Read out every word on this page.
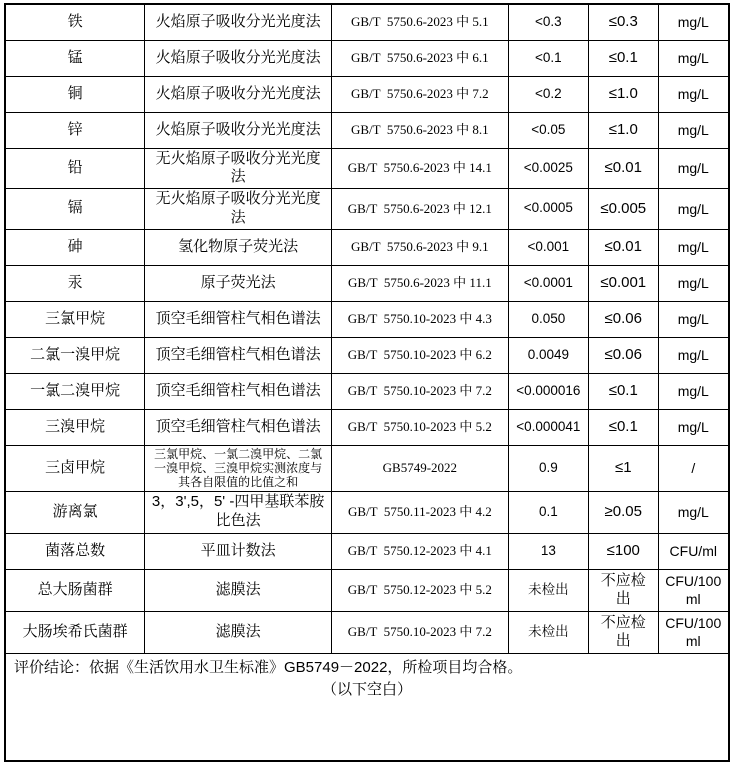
铁	火焰原子吸收分光光度法	GB/T  5750.6-2023 中 5.1	<0.3	≤0.3	mg/L
锰	火焰原子吸收分光光度法	GB/T  5750.6-2023 中 6.1	<0.1	≤0.1	mg/L
铜	火焰原子吸收分光光度法	GB/T  5750.6-2023 中 7.2	<0.2	≤1.0	mg/L
锌	火焰原子吸收分光光度法	GB/T  5750.6-2023 中 8.1	<0.05	≤1.0	mg/L
铅	无火焰原子吸收分光光度法	GB/T  5750.6-2023 中 14.1	<0.0025	≤0.01	mg/L
镉	无火焰原子吸收分光光度法	GB/T  5750.6-2023 中 12.1	<0.0005	≤0.005	mg/L
砷	氢化物原子荧光法	GB/T  5750.6-2023 中 9.1	<0.001	≤0.01	mg/L
汞	原子荧光法	GB/T  5750.6-2023 中 11.1	<0.0001	≤0.001	mg/L
三氯甲烷	顶空毛细管柱气相色谱法	GB/T  5750.10-2023 中 4.3	0.050	≤0.06	mg/L
二氯一溴甲烷	顶空毛细管柱气相色谱法	GB/T  5750.10-2023 中 6.2	0.0049	≤0.06	mg/L
一氯二溴甲烷	顶空毛细管柱气相色谱法	GB/T  5750.10-2023 中 7.2	<0.000016	≤0.1	mg/L
三溴甲烷	顶空毛细管柱气相色谱法	GB/T  5750.10-2023 中 5.2	<0.000041	≤0.1	mg/L
三卤甲烷	三氯甲烷、一氯二溴甲烷、二氯一溴甲烷、三溴甲烷实测浓度与其各自限值的比值之和	GB5749-2022	0.9	≤1	/
游离氯	3，3',5，5' -四甲基联苯胺比色法	GB/T  5750.11-2023 中 4.2	0.1	≥0.05	mg/L
菌落总数	平皿计数法	GB/T  5750.12-2023 中 4.1	13	≤100	CFU/ml
总大肠菌群	滤膜法	GB/T  5750.12-2023 中 5.2	未检出	不应检出	CFU/100 ml
大肠埃希氏菌群	滤膜法	GB/T  5750.10-2023 中 7.2	未检出	不应检出	CFU/100 ml

评价结论：依据《生活饮用水卫生标准》GB5749－2022，所检项目均合格。
（以下空白）					
